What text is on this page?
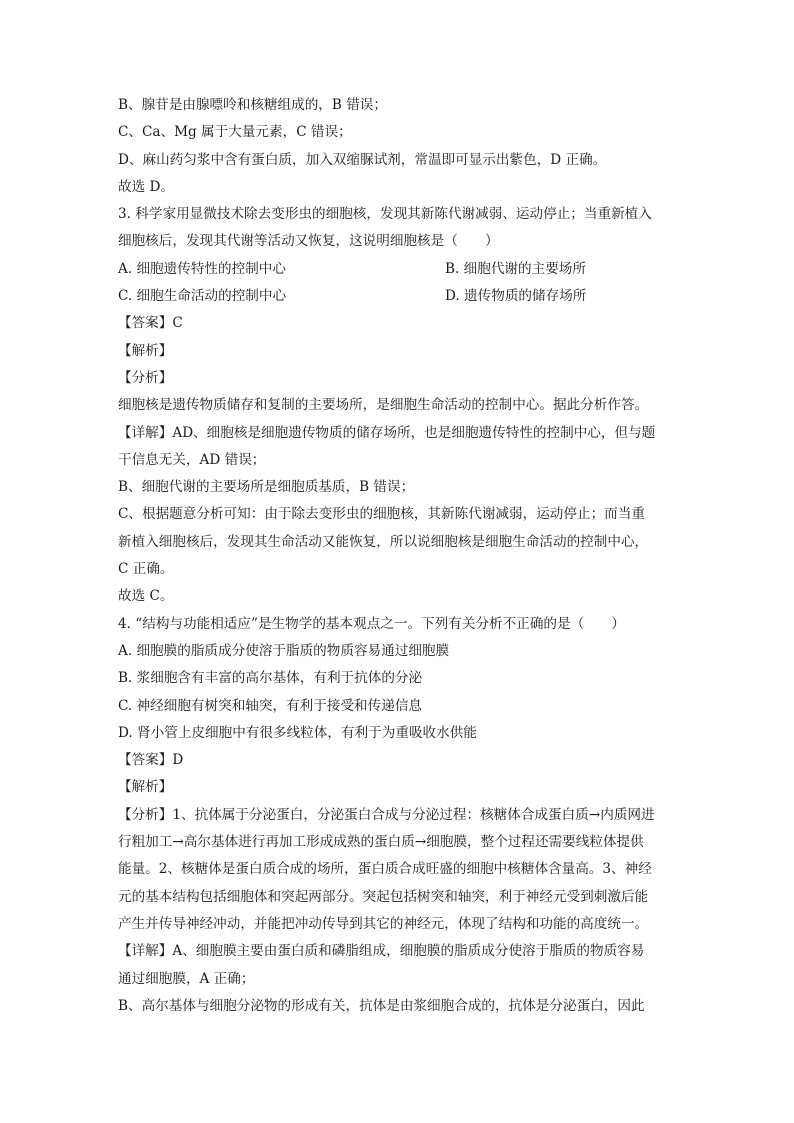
B、腺苷是由腺嘌呤和核糖组成的，B 错误；
C、Ca、Mg 属于大量元素，C 错误；
D、麻山药匀浆中含有蛋白质，加入双缩脲试剂，常温即可显示出紫色，D 正确。
故选 D。
3. 科学家用显微技术除去变形虫的细胞核，发现其新陈代谢减弱、运动停止；当重新植入
细胞核后，发现其代谢等活动又恢复，这说明细胞核是（　　）
A. 细胞遗传特性的控制中心	B. 细胞代谢的主要场所
C. 细胞生命活动的控制中心	D. 遗传物质的储存场所
【答案】C
【解析】
【分析】
细胞核是遗传物质储存和复制的主要场所，是细胞生命活动的控制中心。据此分析作答。
【详解】AD、细胞核是细胞遗传物质的储存场所，也是细胞遗传特性的控制中心，但与题
干信息无关，AD 错误；
B、细胞代谢的主要场所是细胞质基质，B 错误；
C、根据题意分析可知：由于除去变形虫的细胞核，其新陈代谢减弱，运动停止；而当重
新植入细胞核后，发现其生命活动又能恢复，所以说细胞核是细胞生命活动的控制中心，
C 正确。
故选 C。
4. “结构与功能相适应”是生物学的基本观点之一。下列有关分析不正确的是（　　）
A. 细胞膜的脂质成分使溶于脂质的物质容易通过细胞膜
B. 浆细胞含有丰富的高尔基体，有利于抗体的分泌
C. 神经细胞有树突和轴突，有利于接受和传递信息
D. 肾小管上皮细胞中有很多线粒体，有利于为重吸收水供能
【答案】D
【解析】
【分析】1、抗体属于分泌蛋白，分泌蛋白合成与分泌过程：核糖体合成蛋白质→内质网进
行粗加工→高尔基体进行再加工形成成熟的蛋白质→细胞膜，整个过程还需要线粒体提供
能量。2、核糖体是蛋白质合成的场所，蛋白质合成旺盛的细胞中核糖体含量高。3、神经
元的基本结构包括细胞体和突起两部分。突起包括树突和轴突，利于神经元受到刺激后能
产生并传导神经冲动，并能把冲动传导到其它的神经元，体现了结构和功能的高度统一。
【详解】A、细胞膜主要由蛋白质和磷脂组成，细胞膜的脂质成分使溶于脂质的物质容易
通过细胞膜，A 正确；
B、高尔基体与细胞分泌物的形成有关，抗体是由浆细胞合成的，抗体是分泌蛋白，因此
